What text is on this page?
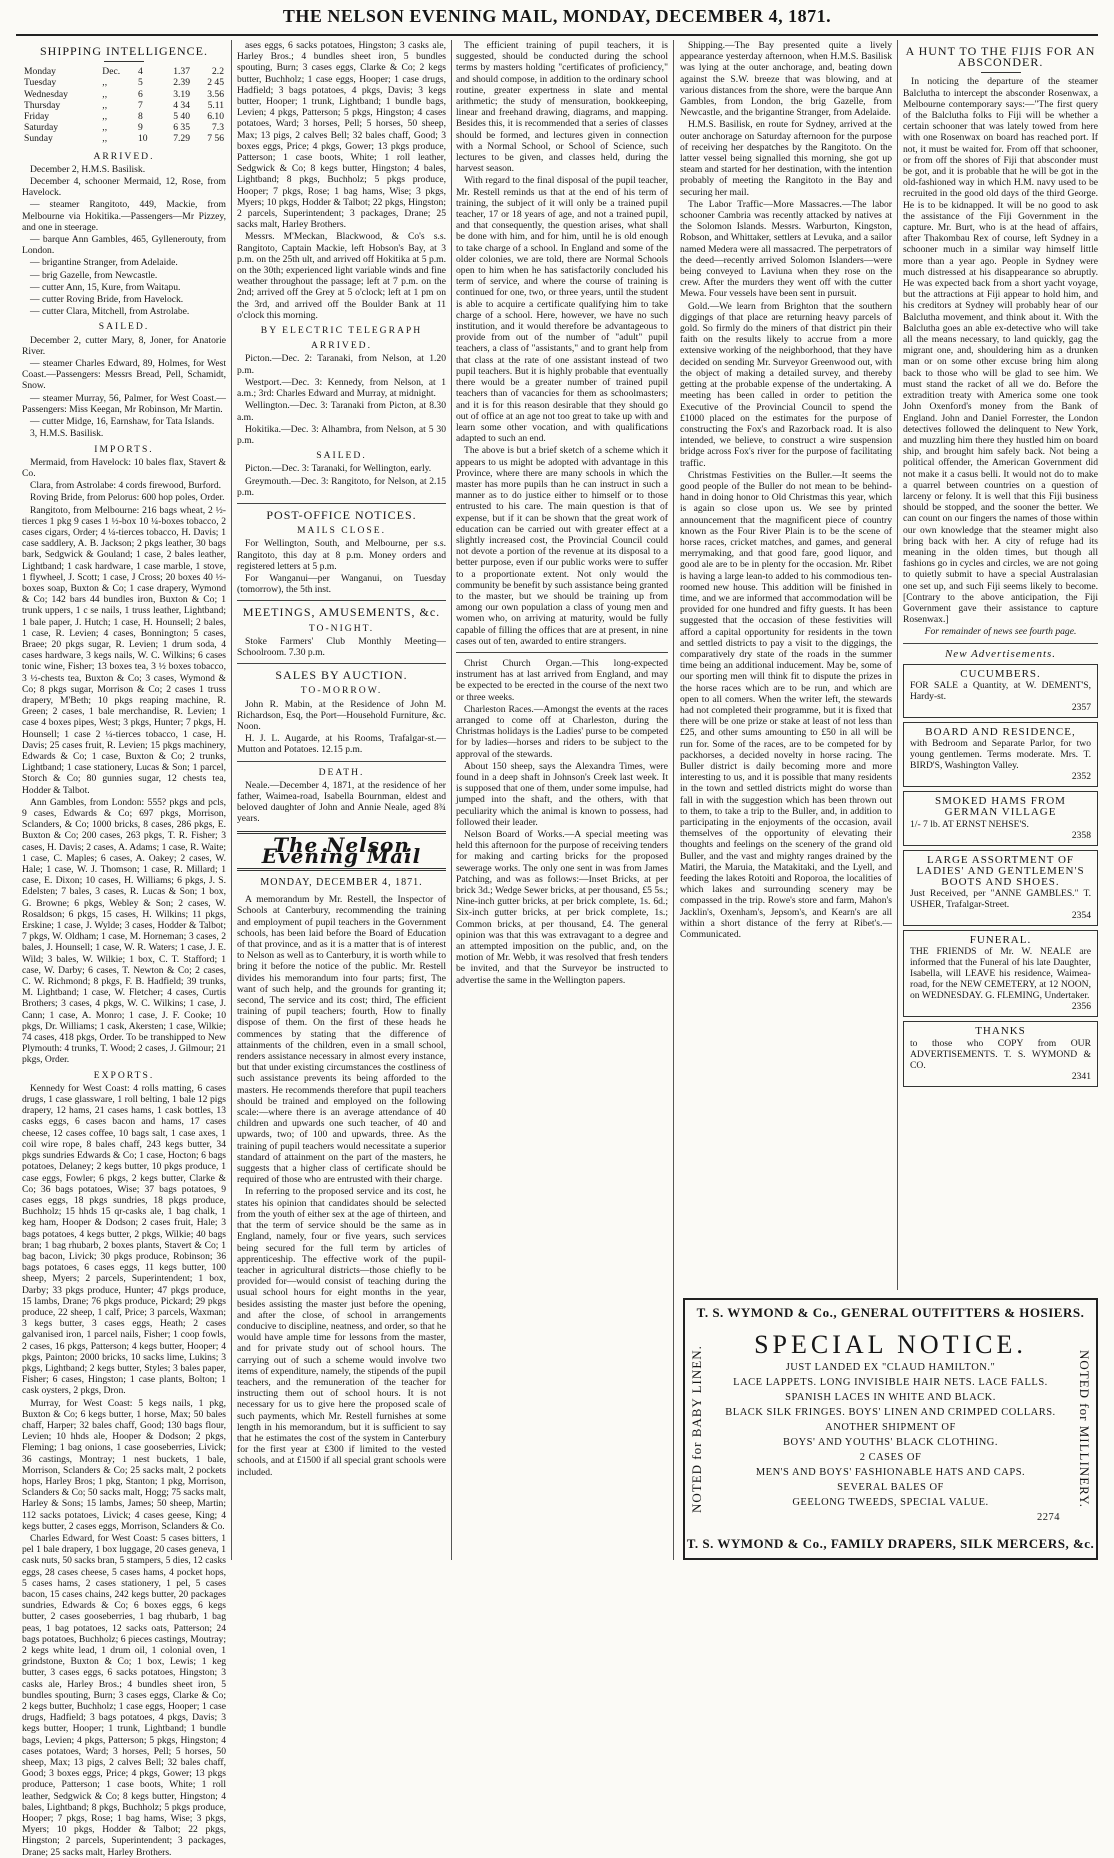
THE NELSON EVENING MAIL, MONDAY, DECEMBER 4, 1871.
SHIPPING INTELLIGENCE.
Monday	Dec.	4	1.37	2.2
Tuesday	,,	5	2.39	2 45
Wednesday	,,	6	3.19	3.56
Thursday	,,	7	4 34	5.11
Friday	,,	8	5 40	6.10
Saturday	,,	9	6 35	7.3
Sunday	,,	10	7.29	7 56
ARRIVED.

December 2, H.M.S. Basilisk.

December 4, schooner Mermaid, 12, Rose, from Havelock.

— steamer Rangitoto, 449, Mackie, from Melbourne via Hokitika.—Passengers—Mr Pizzey, and one in steerage.

— barque Ann Gambles, 465, Gyllenerouty, from London.

— brigantine Stranger, from Adelaide.

— brig Gazelle, from Newcastle.

— cutter Ann, 15, Kure, from Waitapu.

— cutter Roving Bride, from Havelock.

— cutter Clara, Mitchell, from Astrolabe.

SAILED.

December 2, cutter Mary, 8, Joner, for Anatorie River.

— steamer Charles Edward, 89, Holmes, for West Coast.—Passengers: Messrs Bread, Pell, Schamidt, Snow.

— steamer Murray, 56, Palmer, for West Coast.—Passengers: Miss Keegan, Mr Robinson, Mr Martin.

— cutter Midge, 16, Earnshaw, for Tata Islands.

3, H.M.S. Basilisk.

IMPORTS.

Mermaid, from Havelock: 10 bales flax, Stavert & Co.

Clara, from Astrolabe: 4 cords firewood, Burford.

Roving Bride, from Pelorus: 600 hop poles, Order.

Rangitoto, from Melbourne: 216 bags wheat, 2 ½-tierces 1 pkg 9 cases 1 ½-box 10 ¼-boxes tobacco, 2 cases cigars, Order; 4 ¼-tierces tobacco, H. Davis; 1 case saddlery, A. B. Jackson; 2 pkgs leather, 30 bags bark, Sedgwick & Gouland; 1 case, 2 bales leather, Lightband; 1 cask hardware, 1 case marble, 1 stove, 1 flywheel, J. Scott; 1 case, J Cross; 20 boxes 40 ½-boxes soap, Buxton & Co; 1 case drapery, Wymond & Co; 142 bars 44 bundles iron, Buxton & Co; 1 trunk uppers, 1 c se nails, 1 truss leather, Lightband; 1 bale paper, J. Hutch; 1 case, H. Hounsell; 2 bales, 1 case, R. Levien; 4 cases, Bonnington; 5 cases, Braee; 20 pkgs sugar, R. Levien; 1 drum soda, 4 cases hardware, 3 kegs nails, W. C. Wilkins; 6 cases tonic wine, Fisher; 13 boxes tea, 3 ½ boxes tobacco, 3 ½-chests tea, Buxton & Co; 3 cases, Wymond & Co; 8 pkgs sugar, Morrison & Co; 2 cases 1 truss drapery, M'Beth; 10 pkgs reaping machine, R. Green; 2 cases, 1 bale merchandise, R. Levien; 1 case 4 boxes pipes, West; 3 pkgs, Hunter; 7 pkgs, H. Hounsell; 1 case 2 ¼-tierces tobacco, 1 case, H. Davis; 25 cases fruit, R. Levien; 15 pkgs machinery, Edwards & Co; 1 case, Buxton & Co; 2 trunks, Lightband; 1 case stationery, Lucas & Son; 1 parcel, Storch & Co; 80 gunnies sugar, 12 chests tea, Hodder & Talbot.

Ann Gambles, from London: 555? pkgs and pcls, 9 cases, Edwards & Co; 697 pkgs, Morrison, Sclanders, & Co; 1000 bricks, 8 cases, 286 pkgs, E. Buxton & Co; 200 cases, 263 pkgs, T. R. Fisher; 3 cases, H. Davis; 2 cases, A. Adams; 1 case, R. Waite; 1 case, C. Maples; 6 cases, A. Oakey; 2 cases, W. Hale; 1 case, W. J. Thomson; 1 case, R. Millard; 1 case, E. Dixon; 10 cases, H. Williams; 6 pkgs, J. S. Edelsten; 7 bales, 3 cases, R. Lucas & Son; 1 box, G. Browne; 6 pkgs, Webley & Son; 2 cases, W. Rosaldson; 6 pkgs, 15 cases, H. Wilkins; 11 pkgs, Erskine; 1 case, J. Wylde; 3 cases, Hodder & Talbot; 7 pkgs, W. Oldham; 1 case, M. Horneman; 3 cases, 2 bales, J. Hounsell; 1 case, W. R. Waters; 1 case, J. E. Wild; 3 bales, W. Wilkie; 1 box, C. T. Stafford; 1 case, W. Darby; 6 cases, T. Newton & Co; 2 cases, C. W. Richmond; 8 pkgs, F. B. Hadfield; 39 trunks, M. Lightband; 1 case, W. Fletcher; 4 cases, Curtis Brothers; 3 cases, 4 pkgs, W. C. Wilkins; 1 case, J. Cann; 1 case, A. Monro; 1 case, J. F. Cooke; 10 pkgs, Dr. Williams; 1 cask, Akersten; 1 case, Wilkie; 74 cases, 418 pkgs, Order. To be transhipped to New Plymouth: 4 trunks, T. Wood; 2 cases, J. Gilmour; 21 pkgs, Order.

EXPORTS.

Kennedy for West Coast: 4 rolls matting, 6 cases drugs, 1 case glassware, 1 roll belting, 1 bale 12 pigs drapery, 12 hams, 21 cases hams, 1 cask bottles, 13 casks eggs, 6 cases bacon and hams, 17 cases cheese, 12 cases coffee, 10 bags salt, 1 case axes, 1 coil wire rope, 8 bales chaff, 243 kegs butter, 34 pkgs sundries Edwards & Co; 1 case, Hocton; 6 bags potatoes, Delaney; 2 kegs butter, 10 pkgs produce, 1 case eggs, Fowler; 6 pkgs, 2 kegs butter, Clarke & Co; 36 bags potatoes, Wise; 37 bags potatoes, 9 cases eggs, 18 pkgs sundries, 18 pkgs produce, Buchholz; 15 hhds 15 qr-casks ale, 1 bag chalk, 1 keg ham, Hooper & Dodson; 2 cases fruit, Hale; 3 bags potatoes, 4 kegs butter, 2 pkgs, Wilkie; 40 bags bran; 1 bag rhubarb, 2 boxes plants, Stavert & Co; 1 bag bacon, Livick; 30 pkgs produce, Robinson; 36 bags potatoes, 6 cases eggs, 11 kegs butter, 100 sheep, Myers; 2 parcels, Superintendent; 1 box, Darby; 33 pkgs produce, Hunter; 47 pkgs produce, 15 lambs, Drane; 76 pkgs produce, Pickard; 29 pkgs produce, 22 sheep, 1 calf, Price; 3 parcels, Waxman; 3 kegs butter, 3 cases eggs, Heath; 2 cases galvanised iron, 1 parcel nails, Fisher; 1 coop fowls, 2 cases, 16 pkgs, Patterson; 4 kegs butter, Hooper; 4 pkgs, Painton; 2000 bricks, 10 sacks lime, Lukins; 3 pkgs, Lightband; 2 kegs butter, Styles; 3 bales paper, Fisher; 6 cases, Hingston; 1 case plants, Bolton; 1 cask oysters, 2 pkgs, Dron.

Murray, for West Coast: 5 kegs nails, 1 pkg, Buxton & Co; 6 kegs butter, 1 horse, Max; 50 bales chaff, Harper; 32 bales chaff, Good; 130 bags flour, Levien; 10 hhds ale, Hooper & Dodson; 2 pkgs, Fleming; 1 bag onions, 1 case gooseberries, Livick; 36 castings, Montray; 1 nest buckets, 1 bale, Morrison, Sclanders & Co; 25 sacks malt, 2 pockets hops, Harley Bros; 1 pkg, Stanton; 1 pkg, Morrison, Sclanders & Co; 50 sacks malt, Hogg; 75 sacks malt, Harley & Sons; 15 lambs, James; 50 sheep, Martin; 112 sacks potatoes, Livick; 4 cases geese, King; 4 kegs butter, 2 cases eggs, Morrison, Sclanders & Co.

Charles Edward, for West Coast: 5 cases bitters, 1 pel 1 bale drapery, 1 box luggage, 20 cases geneva, 1 cask nuts, 50 sacks bran, 5 stampers, 5 dies, 12 casks eggs, 28 cases cheese, 5 cases hams, 4 pocket hops, 5 cases hams, 2 cases stationery, 1 pel, 5 cases bacon, 15 cases chains, 242 kegs butter, 20 packages sundries, Edwards & Co; 6 boxes eggs, 6 kegs butter, 2 cases gooseberries, 1 bag rhubarb, 1 bag peas, 1 bag potatoes, 12 sacks oats, Patterson; 24 bags potatoes, Buchholz; 6 pieces castings, Moutray; 2 kegs white lead, 1 drum oil, 1 colonial oven, 1 grindstone, Buxton & Co; 1 box, Lewis; 1 keg butter, 3 cases eggs, 6 sacks potatoes, Hingston; 3 casks ale, Harley Bros.; 4 bundles sheet iron, 5 bundles spouting, Burn; 3 cases eggs, Clarke & Co; 2 kegs butter, Buchholz; 1 case eggs, Hooper; 1 case drugs, Hadfield; 3 bags potatoes, 4 pkgs, Davis; 3 kegs butter, Hooper; 1 trunk, Lightband; 1 bundle bags, Levien; 4 pkgs, Patterson; 5 pkgs, Hingston; 4 cases potatoes, Ward; 3 horses, Pell; 5 horses, 50 sheep, Max; 13 pigs, 2 calves Bell; 32 bales chaff, Good; 3 boxes eggs, Price; 4 pkgs, Gower; 13 pkgs produce, Patterson; 1 case boots, White; 1 roll leather, Sedgwick & Co; 8 kegs butter, Hingston; 4 bales, Lightband; 8 pkgs, Buchholz; 5 pkgs produce, Hooper; 7 pkgs, Rose; 1 bag hams, Wise; 3 pkgs, Myers; 10 pkgs, Hodder & Talbot; 22 pkgs, Hingston; 2 parcels, Superintendent; 3 packages, Drane; 25 sacks malt, Harley Brothers.

ases eggs, 6 sacks potatoes, Hingston; 3 casks ale, Harley Bros.; 4 bundles sheet iron, 5 bundles spouting, Burn; 3 cases eggs, Clarke & Co; 2 kegs butter, Buchholz; 1 case eggs, Hooper; 1 case drugs, Hadfield; 3 bags potatoes, 4 pkgs, Davis; 3 kegs butter, Hooper; 1 trunk, Lightband; 1 bundle bags, Levien; 4 pkgs, Patterson; 5 pkgs, Hingston; 4 cases potatoes, Ward; 3 horses, Pell; 5 horses, 50 sheep, Max; 13 pigs, 2 calves Bell; 32 bales chaff, Good; 3 boxes eggs, Price; 4 pkgs, Gower; 13 pkgs produce, Patterson; 1 case boots, White; 1 roll leather, Sedgwick & Co; 8 kegs butter, Hingston; 4 bales, Lightband; 8 pkgs, Buchholz; 5 pkgs produce, Hooper; 7 pkgs, Rose; 1 bag hams, Wise; 3 pkgs, Myers; 10 pkgs, Hodder & Talbot; 22 pkgs, Hingston; 2 parcels, Superintendent; 3 packages, Drane; 25 sacks malt, Harley Brothers.

Messrs. M'Meckan, Blackwood, & Co's s.s. Rangitoto, Captain Mackie, left Hobson's Bay, at 3 p.m. on the 25th ult, and arrived off Hokitika at 5 p.m. on the 30th; experienced light variable winds and fine weather throughout the passage; left at 7 p.m. on the 2nd; arrived off the Grey at 5 o'clock; left at 1 pm on the 3rd, and arrived off the Boulder Bank at 11 o'clock this morning.

BY ELECTRIC TELEGRAPH
ARRIVED.

Picton.—Dec. 2: Taranaki, from Nelson, at 1.20 p.m.

Westport.—Dec. 3: Kennedy, from Nelson, at 1 a.m.; 3rd: Charles Edward and Murray, at midnight.

Wellington.—Dec. 3: Taranaki from Picton, at 8.30 a.m.

Hokitika.—Dec. 3: Alhambra, from Nelson, at 5 30 p.m.

SAILED.

Picton.—Dec. 3: Taranaki, for Wellington, early.

Greymouth.—Dec. 3: Rangitoto, for Nelson, at 2.15 p.m.

POST-OFFICE NOTICES.
MAILS CLOSE.

For Wellington, South, and Melbourne, per s.s. Rangitoto, this day at 8 p.m. Money orders and registered letters at 5 p.m.

For Wanganui—per Wanganui, on Tuesday (tomorrow), the 5th inst.

MEETINGS, AMUSEMENTS, &c.
TO-NIGHT.

Stoke Farmers' Club Monthly Meeting—Schoolroom. 7.30 p.m.

SALES BY AUCTION.
TO-MORROW.

John R. Mabin, at the Residence of John M. Richardson, Esq, the Port—Household Furniture, &c. Noon.

H. J. L. Augarde, at his Rooms, Trafalgar-st.—Mutton and Potatoes. 12.15 p.m.

DEATH.

Neale.—December 4, 1871, at the residence of her father, Waimea-road, Isabella Bournman, eldest and beloved daughter of John and Annie Neale, aged 8¾ years.

The Nelson Evening Mail
MONDAY, DECEMBER 4, 1871.

A memorandum by Mr. Restell, the Inspector of Schools at Canterbury, recommending the training and employment of pupil teachers in the Government schools, has been laid before the Board of Education of that province, and as it is a matter that is of interest to Nelson as well as to Canterbury, it is worth while to bring it before the notice of the public. Mr. Restell divides his memorandum into four parts; first, The want of such help, and the grounds for granting it; second, The service and its cost; third, The efficient training of pupil teachers; fourth, How to finally dispose of them. On the first of these heads he commences by stating that the difference of attainments of the children, even in a small school, renders assistance necessary in almost every instance, but that under existing circumstances the costliness of such assistance prevents its being afforded to the masters. He recommends therefore that pupil teachers should be trained and employed on the following scale:—where there is an average attendance of 40 children and upwards one such teacher, of 40 and upwards, two; of 100 and upwards, three. As the training of pupil teachers would necessitate a superior standard of attainment on the part of the masters, he suggests that a higher class of certificate should be required of those who are entrusted with their charge.

In referring to the proposed service and its cost, he states his opinion that candidates should be selected from the youth of either sex at the age of thirteen, and that the term of service should be the same as in England, namely, four or five years, such services being secured for the full term by articles of apprenticeship. The effective work of the pupil-teacher in agricultural districts—those chiefly to be provided for—would consist of teaching during the usual school hours for eight months in the year, besides assisting the master just before the opening, and after the close, of school in arrangements conducive to discipline, neatness, and order, so that he would have ample time for lessons from the master, and for private study out of school hours. The carrying out of such a scheme would involve two items of expenditure, namely, the stipends of the pupil teachers, and the remuneration of the teacher for instructing them out of school hours. It is not necessary for us to give here the proposed scale of such payments, which Mr. Restell furnishes at some length in his memorandum, but it is sufficient to say that he estimates the cost of the system in Canterbury for the first year at £300 if limited to the vested schools, and at £1500 if all special grant schools were included.

The efficient training of pupil teachers, it is suggested, should be conducted during the school terms by masters holding "certificates of proficiency," and should compose, in addition to the ordinary school routine, greater expertness in slate and mental arithmetic; the study of mensuration, bookkeeping, linear and freehand drawing, diagrams, and mapping. Besides this, it is recommended that a series of classes should be formed, and lectures given in connection with a Normal School, or School of Science, such lectures to be given, and classes held, during the harvest season.

With regard to the final disposal of the pupil teacher, Mr. Restell reminds us that at the end of his term of training, the subject of it will only be a trained pupil teacher, 17 or 18 years of age, and not a trained pupil, and that consequently, the question arises, what shall be done with him, and for him, until he is old enough to take charge of a school. In England and some of the older colonies, we are told, there are Normal Schools open to him when he has satisfactorily concluded his term of service, and where the course of training is continued for one, two, or three years, until the student is able to acquire a certificate qualifying him to take charge of a school. Here, however, we have no such institution, and it would therefore be advantageous to provide from out of the number of "adult" pupil teachers, a class of "assistants," and to grant help from that class at the rate of one assistant instead of two pupil teachers. But it is highly probable that eventually there would be a greater number of trained pupil teachers than of vacancies for them as schoolmasters; and it is for this reason desirable that they should go out of office at an age not too great to take up with and learn some other vocation, and with qualifications adapted to such an end.

The above is but a brief sketch of a scheme which it appears to us might be adopted with advantage in this Province, where there are many schools in which the master has more pupils than he can instruct in such a manner as to do justice either to himself or to those entrusted to his care. The main question is that of expense, but if it can be shown that the great work of education can be carried out with greater effect at a slightly increased cost, the Provincial Council could not devote a portion of the revenue at its disposal to a better purpose, even if our public works were to suffer to a proportionate extent. Not only would the community be benefit by such assistance being granted to the master, but we should be training up from among our own population a class of young men and women who, on arriving at maturity, would be fully capable of filling the offices that are at present, in nine cases out of ten, awarded to entire strangers.

Christ Church Organ.—This long-expected instrument has at last arrived from England, and may be expected to be erected in the course of the next two or three weeks.

Charleston Races.—Amongst the events at the races arranged to come off at Charleston, during the Christmas holidays is the Ladies' purse to be competed for by ladies—horses and riders to be subject to the approval of the stewards.

About 150 sheep, says the Alexandra Times, were found in a deep shaft in Johnson's Creek last week. It is supposed that one of them, under some impulse, had jumped into the shaft, and the others, with that peculiarity which the animal is known to possess, had followed their leader.

Nelson Board of Works.—A special meeting was held this afternoon for the purpose of receiving tenders for making and carting bricks for the proposed sewerage works. The only one sent in was from James Patching, and was as follows:—Inset Bricks, at per brick 3d.; Wedge Sewer bricks, at per thousand, £5 5s.; Nine-inch gutter bricks, at per brick complete, 1s. 6d.; Six-inch gutter bricks, at per brick complete, 1s.; Common bricks, at per thousand, £4. The general opinion was that this was extravagant to a degree and an attempted imposition on the public, and, on the motion of Mr. Webb, it was resolved that fresh tenders be invited, and that the Surveyor be instructed to advertise the same in the Wellington papers.

Shipping.—The Bay presented quite a lively appearance yesterday afternoon, when H.M.S. Basilisk was lying at the outer anchorage, and, beating down against the S.W. breeze that was blowing, and at various distances from the shore, were the barque Ann Gambles, from London, the brig Gazelle, from Newcastle, and the brigantine Stranger, from Adelaide.

H.M.S. Basilisk, en route for Sydney, arrived at the outer anchorage on Saturday afternoon for the purpose of receiving her despatches by the Rangitoto. On the latter vessel being signalled this morning, she got up steam and started for her destination, with the intention probably of meeting the Rangitoto in the Bay and securing her mail.

The Labor Traffic—More Massacres.—The labor schooner Cambria was recently attacked by natives at the Solomon Islands. Messrs. Warburton, Kingston, Robson, and Whittaker, settlers at Levuka, and a sailor named Medera were all massacred. The perpetrators of the deed—recently arrived Solomon Islanders—were being conveyed to Laviuna when they rose on the crew. After the murders they went off with the cutter Mewa. Four vessels have been sent in pursuit.

Gold.—We learn from Brighton that the southern diggings of that place are returning heavy parcels of gold. So firmly do the miners of that district pin their faith on the results likely to accrue from a more extensive working of the neighborhood, that they have decided on sending Mr. Surveyor Greenwood out, with the object of making a detailed survey, and thereby getting at the probable expense of the undertaking. A meeting has been called in order to petition the Executive of the Provincial Council to spend the £1000 placed on the estimates for the purpose of constructing the Fox's and Razorback road. It is also intended, we believe, to construct a wire suspension bridge across Fox's river for the purpose of facilitating traffic.

Christmas Festivities on the Buller.—It seems the good people of the Buller do not mean to be behind-hand in doing honor to Old Christmas this year, which is again so close upon us. We see by printed announcement that the magnificent piece of country known as the Four River Plain is to be the scene of horse races, cricket matches, and games, and general merrymaking, and that good fare, good liquor, and good ale are to be in plenty for the occasion. Mr. Ribet is having a large lean-to added to his commodious ten-roomed new house. This addition will be finished in time, and we are informed that accommodation will be provided for one hundred and fifty guests. It has been suggested that the occasion of these festivities will afford a capital opportunity for residents in the town and settled districts to pay a visit to the diggings, the comparatively dry state of the roads in the summer time being an additional inducement. May be, some of our sporting men will think fit to dispute the prizes in the horse races which are to be run, and which are open to all comers. When the writer left, the stewards had not completed their programme, but it is fixed that there will be one prize or stake at least of not less than £25, and other sums amounting to £50 in all will be run for. Some of the races, are to be competed for by packhorses, a decided novelty in horse racing. The Buller district is daily becoming more and more interesting to us, and it is possible that many residents in the town and settled districts might do worse than fall in with the suggestion which has been thrown out to them, to take a trip to the Buller, and, in addition to participating in the enjoyments of the occasion, avail themselves of the opportunity of elevating their thoughts and feelings on the scenery of the grand old Buller, and the vast and mighty ranges drained by the Matiri, the Maruia, the Matakitaki, and the Lyell, and feeding the lakes Rotoiti and Roporoa, the localities of which lakes and surrounding scenery may be compassed in the trip. Rowe's store and farm, Mahon's Jacklin's, Oxenham's, Jepsom's, and Kearn's are all within a short distance of the ferry at Ribet's.—Communicated.

A HUNT TO THE FIJIS FOR AN ABSCONDER.

In noticing the departure of the steamer Balclutha to intercept the absconder Rosenwax, a Melbourne contemporary says:—"The first query of the Balclutha folks to Fiji will be whether a certain schooner that was lately towed from here with one Rosenwax on board has reached port. If not, it must be waited for. From off that schooner, or from off the shores of Fiji that absconder must be got, and it is probable that he will be got in the old-fashioned way in which H.M. navy used to be recruited in the good old days of the third George. He is to be kidnapped. It will be no good to ask the assistance of the Fiji Government in the capture. Mr. Burt, who is at the head of affairs, after Thakombau Rex of course, left Sydney in a schooner much in a similar way himself little more than a year ago. People in Sydney were much distressed at his disappearance so abruptly. He was expected back from a short yacht voyage, but the attractions at Fiji appear to hold him, and his creditors at Sydney will probably hear of our Balclutha movement, and think about it. With the Balclutha goes an able ex-detective who will take all the means necessary, to land quickly, gag the migrant one, and, shouldering him as a drunken man or on some other excuse bring him along back to those who will be glad to see him. We must stand the racket of all we do. Before the extradition treaty with America some one took John Oxenford's money from the Bank of England. John and Daniel Forrester, the London detectives followed the delinquent to New York, and muzzling him there they hustled him on board ship, and brought him safely back. Not being a political offender, the American Government did not make it a casus belli. It would not do to make a quarrel between countries on a question of larceny or felony. It is well that this Fiji business should be stopped, and the sooner the better. We can count on our fingers the names of those within our own knowledge that the steamer might also bring back with her. A city of refuge had its meaning in the olden times, but though all fashions go in cycles and circles, we are not going to quietly submit to have a special Australasian one set up, and such Fiji seems likely to become. [Contrary to the above anticipation, the Fiji Government gave their assistance to capture Rosenwax.]

For remainder of news see fourth page.
New Advertisements.
CUCUMBERS.
FOR SALE a Quantity, at W. DEMENT'S, Hardy-st.
2357
BOARD AND RESIDENCE,
with Bedroom and Separate Parlor, for two young gentlemen. Terms moderate. Mrs. T. BIRD'S, Washington Valley.
2352
SMOKED HAMS FROM GERMAN VILLAGE
1/- 7 lb. AT ERNST NEHSE'S.
2358
LARGE ASSORTMENT OF LADIES' AND GENTLEMEN'S BOOTS AND SHOES.
Just Received, per "ANNE GAMBLES." T. USHER, Trafalgar-Street.
2354
FUNERAL.
THE FRIENDS of Mr. W. NEALE are informed that the Funeral of his late Daughter, Isabella, will LEAVE his residence, Waimea-road, for the NEW CEMETERY, at 12 NOON, on WEDNESDAY. G. FLEMING, Undertaker.
2356
THANKS
to those who COPY from OUR ADVERTISEMENTS. T. S. WYMOND & CO.
2341
T. S. WYMOND & Co., GENERAL OUTFITTERS & HOSIERS.
NOTED for BABY LINEN.	NOTED for MILLINERY.
SPECIAL NOTICE.
JUST LANDED EX "CLAUD HAMILTON."
LACE LAPPETS. LONG INVISIBLE HAIR NETS. LACE FALLS.
SPANISH LACES IN WHITE AND BLACK.
BLACK SILK FRINGES. BOYS' LINEN AND CRIMPED COLLARS.
ANOTHER SHIPMENT OF
BOYS' AND YOUTHS' BLACK CLOTHING.
2 CASES OF
MEN'S AND BOYS' FASHIONABLE HATS AND CAPS.
SEVERAL BALES OF
GEELONG TWEEDS, SPECIAL VALUE.
2274
T. S. WYMOND & Co., FAMILY DRAPERS, SILK MERCERS, &c.
